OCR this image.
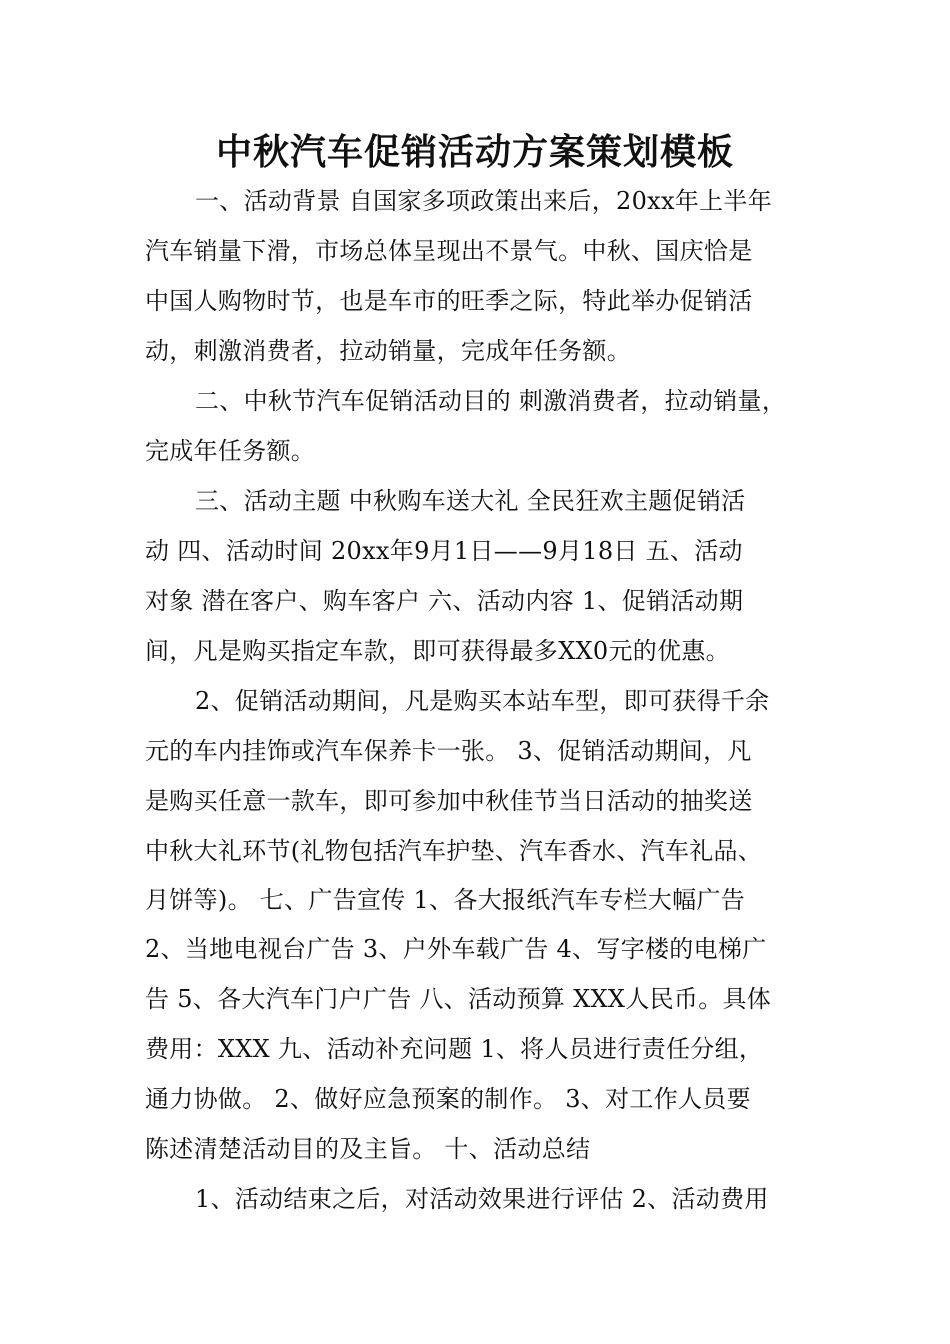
中秋汽车促销活动方案策划模板
一、活动背景 自国家多项政策出来后，20xx年上半年
汽车销量下滑，市场总体呈现出不景气。中秋、国庆恰是
中国人购物时节，也是车市的旺季之际，特此举办促销活
动，刺激消费者，拉动销量，完成年任务额。
二、中秋节汽车促销活动目的 刺激消费者，拉动销量，
完成年任务额。
三、活动主题 中秋购车送大礼 全民狂欢主题促销活
动 四、活动时间 20xx年9月1日——9月18日 五、活动
对象 潜在客户、购车客户 六、活动内容 1、促销活动期
间，凡是购买指定车款，即可获得最多XX0元的优惠。
2、促销活动期间，凡是购买本站车型，即可获得千余
元的车内挂饰或汽车保养卡一张。 3、促销活动期间，凡
是购买任意一款车，即可参加中秋佳节当日活动的抽奖送
中秋大礼环节(礼物包括汽车护垫、汽车香水、汽车礼品、
月饼等)。 七、广告宣传 1、各大报纸汽车专栏大幅广告
2、当地电视台广告 3、户外车载广告 4、写字楼的电梯广
告 5、各大汽车门户广告 八、活动预算 XXX人民币。具体
费用：XXX 九、活动补充问题 1、将人员进行责任分组，
通力协做。 2、做好应急预案的制作。 3、对工作人员要
陈述清楚活动目的及主旨。 十、活动总结
1、活动结束之后，对活动效果进行评估 2、活动费用
